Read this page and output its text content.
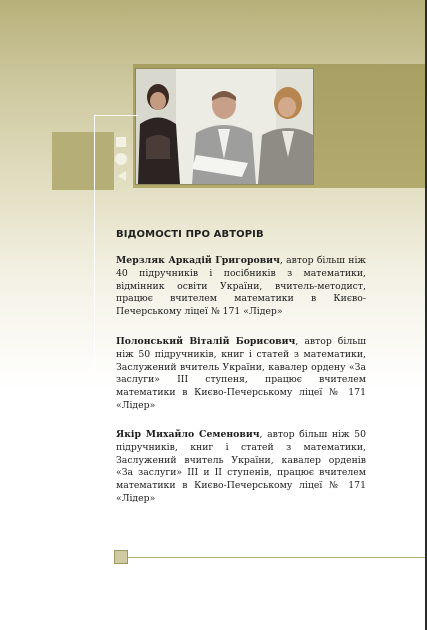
ВІДОМОСТІ ПРО АВТОРІВ

Мерзляк Аркадій Григорович, автор більш ніж 40 підручників і посібників з математики, відмінник освіти України, вчитель-методист, працює вчителем математики в Києво-Печерському ліцеї № 171 «Лідер»

Полонський Віталій Борисович, автор більш ніж 50 підручників, книг і статей з математики, Заслужений вчитель України, кавалер ордену «За заслуги» III ступеня, працює вчителем математики в Києво-Печерському ліцеї № 171 «Лідер»

Якір Михайло Семенович, автор більш ніж 50 підручників, книг і статей з математики, Заслужений вчитель України, кавалер орденів «За заслуги» III и II ступенів, працює вчителем математики в Києво-Печерському ліцеї № 171 «Лідер»
